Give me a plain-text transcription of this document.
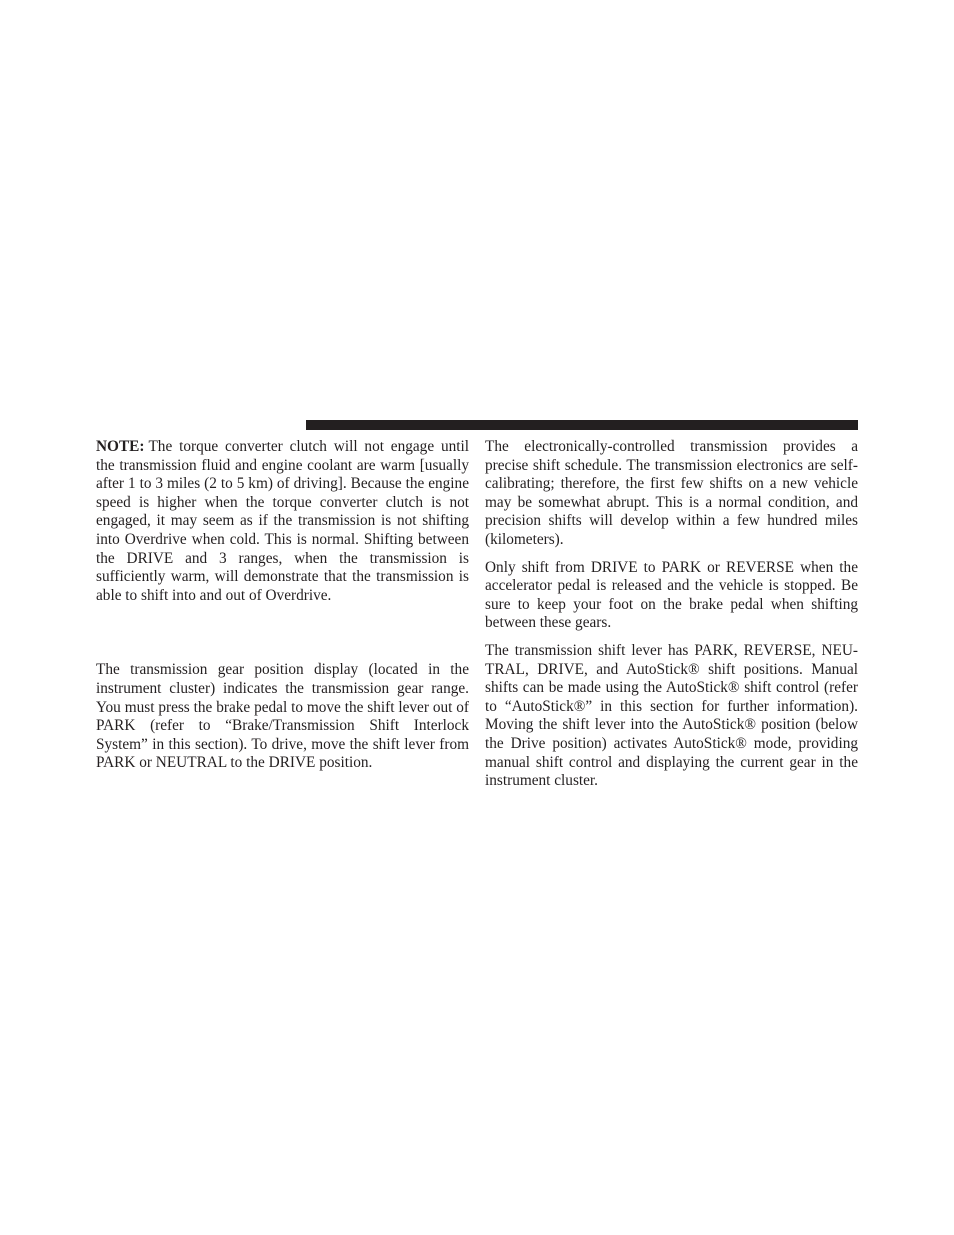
NOTE: The torque converter clutch will not engage until the transmission fluid and engine coolant are warm [usually after 1 to 3 miles (2 to 5 km) of driving]. Because the engine speed is higher when the torque converter clutch is not engaged, it may seem as if the transmission is not shifting into Overdrive when cold. This is normal. Shifting between the DRIVE and 3 ranges, when the transmission is sufficiently warm, will demonstrate that the transmission is able to shift into and out of Overdrive.

The transmission gear position display (located in the instrument cluster) indicates the transmission gear range. You must press the brake pedal to move the shift lever out of PARK (refer to “Brake/Transmission Shift Interlock System” in this section). To drive, move the shift lever from PARK or NEUTRAL to the DRIVE position.

The electronically-controlled transmission provides a precise shift schedule. The transmission electronics are self-calibrating; therefore, the first few shifts on a new vehicle may be somewhat abrupt. This is a normal condition, and precision shifts will develop within a few hundred miles (kilometers).

Only shift from DRIVE to PARK or REVERSE when the accelerator pedal is released and the vehicle is stopped. Be sure to keep your foot on the brake pedal when shifting between these gears.

The transmission shift lever has PARK, REVERSE, NEUTRAL, DRIVE, and AutoStick® shift positions. Manual shifts can be made using the AutoStick® shift control (refer to “AutoStick®” in this section for further information). Moving the shift lever into the AutoStick® position (below the Drive position) activates AutoStick® mode, providing manual shift control and displaying the current gear in the instrument cluster.
